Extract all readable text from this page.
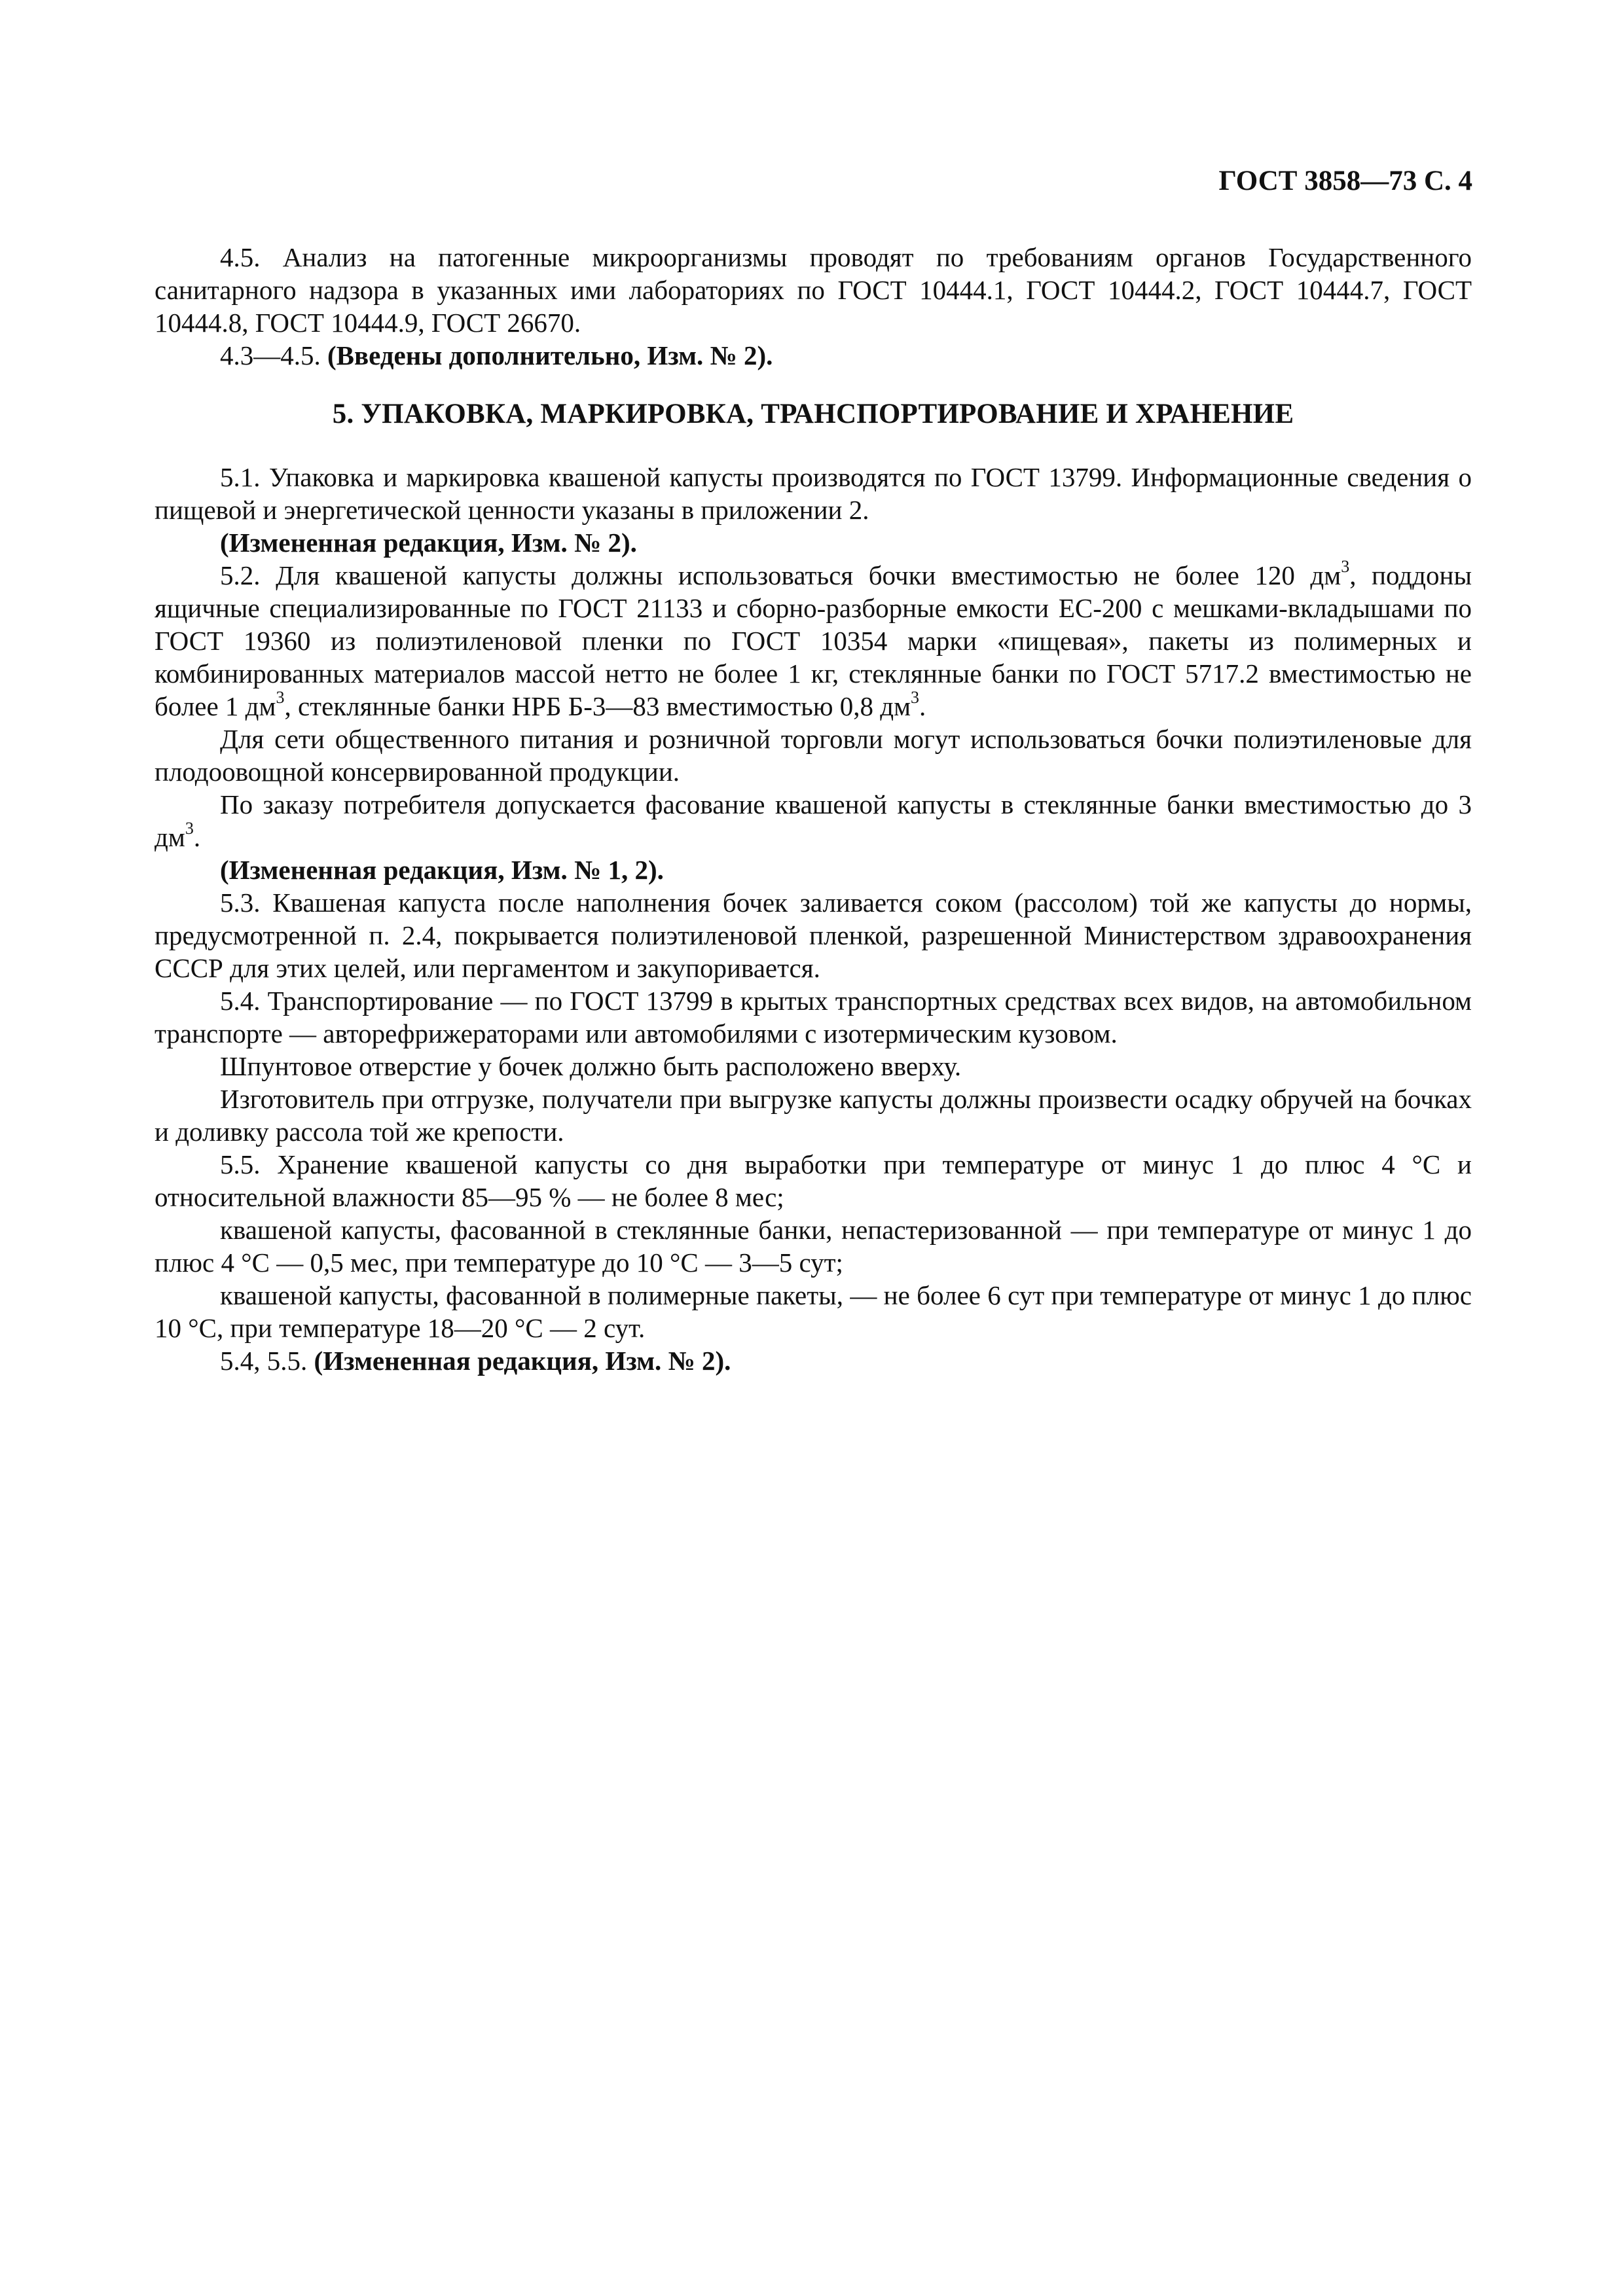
ГОСТ 3858—73 С. 4

4.5. Анализ на патогенные микроорганизмы проводят по требованиям органов Государственного санитарного надзора в указанных ими лабораториях по ГОСТ 10444.1, ГОСТ 10444.2, ГОСТ 10444.7, ГОСТ 10444.8, ГОСТ 10444.9, ГОСТ 26670.

4.3—4.5. (Введены дополнительно, Изм. № 2).

5. УПАКОВКА, МАРКИРОВКА, ТРАНСПОРТИРОВАНИЕ И ХРАНЕНИЕ

5.1. Упаковка и маркировка квашеной капусты производятся по ГОСТ 13799. Информационные сведения о пищевой и энергетической ценности указаны в приложении 2.

(Измененная редакция, Изм. № 2).

5.2. Для квашеной капусты должны использоваться бочки вместимостью не более 120 $дм^3$, поддоны ящичные специализированные по ГОСТ 21133 и сборно-разборные емкости ЕС-200 с мешками-вкладышами по ГОСТ 19360 из полиэтиленовой пленки по ГОСТ 10354 марки «пищевая», пакеты из полимерных и комбинированных материалов массой нетто не более 1 кг, стеклянные банки по ГОСТ 5717.2 вместимостью не более 1 $дм^3$, стеклянные банки НРБ Б-3—83 вместимостью 0,8 $дм^3$.

Для сети общественного питания и розничной торговли могут использоваться бочки полиэтиленовые для плодоовощной консервированной продукции.

По заказу потребителя допускается фасование квашеной капусты в стеклянные банки вместимостью до 3 $дм^3$.

(Измененная редакция, Изм. № 1, 2).

5.3. Квашеная капуста после наполнения бочек заливается соком (рассолом) той же капусты до нормы, предусмотренной п. 2.4, покрывается полиэтиленовой пленкой, разрешенной Министерством здравоохранения СССР для этих целей, или пергаментом и закупоривается.

5.4. Транспортирование — по ГОСТ 13799 в крытых транспортных средствах всех видов, на автомобильном транспорте — авторефрижераторами или автомобилями с изотермическим кузовом.

Шпунтовое отверстие у бочек должно быть расположено вверху.

Изготовитель при отгрузке, получатели при выгрузке капусты должны произвести осадку обручей на бочках и доливку рассола той же крепости.

5.5. Хранение квашеной капусты со дня выработки при температуре от минус 1 до плюс 4 °С и относительной влажности 85—95 % — не более 8 мес;

квашеной капусты, фасованной в стеклянные банки, непастеризованной — при температуре от минус 1 до плюс 4 °С — 0,5 мес, при температуре до 10 °С — 3—5 сут;

квашеной капусты, фасованной в полимерные пакеты, — не более 6 сут при температуре от минус 1 до плюс 10 °С, при температуре 18—20 °С — 2 сут.

5.4, 5.5. (Измененная редакция, Изм. № 2).
